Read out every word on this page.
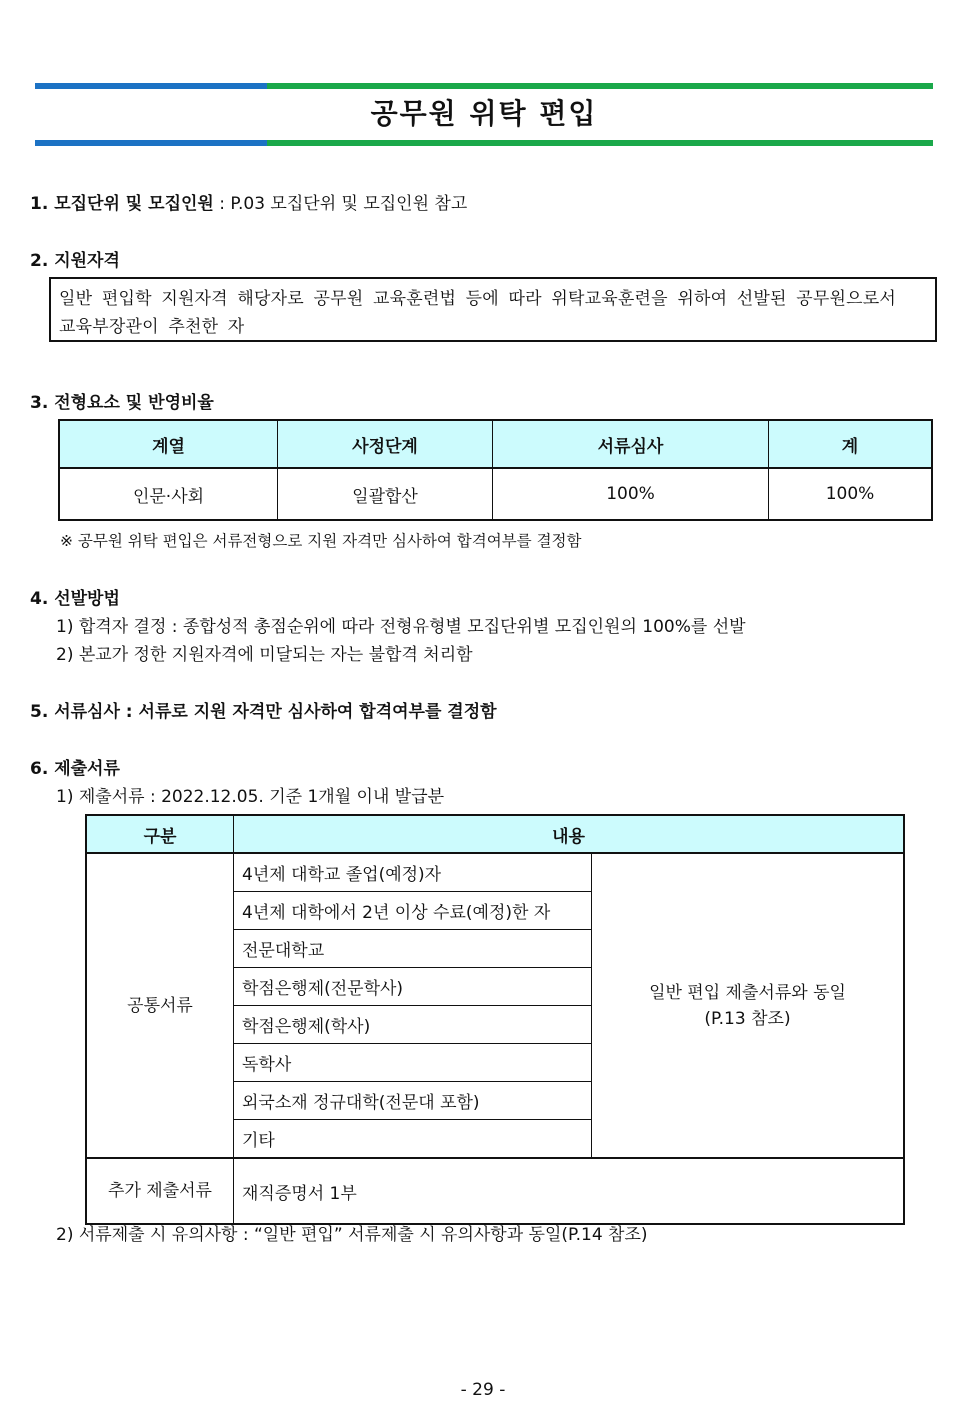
공무원 위탁 편입
1. 모집단위 및 모집인원 : P.03 모집단위 및 모집인원 참고
2. 지원자격
일반 편입학 지원자격 해당자로 공무원 교육훈련법 등에 따라 위탁교육훈련을 위하여 선발된 공무원으로서
교육부장관이 추천한 자
3. 전형요소 및 반영비율
계열	사정단계	서류심사	계
인문·사회	일괄합산	100%	100%
※ 공무원 위탁 편입은 서류전형으로 지원 자격만 심사하여 합격여부를 결정함
4. 선발방법
1) 합격자 결정 : 종합성적 총점순위에 따라 전형유형별 모집단위별 모집인원의 100%를 선발
2) 본교가 정한 지원자격에 미달되는 자는 불합격 처리함
5. 서류심사 : 서류로 지원 자격만 심사하여 합격여부를 결정함
6. 제출서류
1) 제출서류 : 2022.12.05. 기준 1개월 이내 발급분
구분	내용	
공통서류	4년제 대학교 졸업(예정)자	일반 편입 제출서류와 동일
(P.13 참조)

	4년제 대학에서 2년 이상 수료(예정)한 자	
	전문대학교	
	학점은행제(전문학사)	
	학점은행제(학사)	
	독학사	
	외국소재 정규대학(전문대 포함)	
	기타	
추가 제출서류	재직증명서 1부	
2) 서류제출 시 유의사항 : “일반 편입” 서류제출 시 유의사항과 동일(P.14 참조)
- 29 -
